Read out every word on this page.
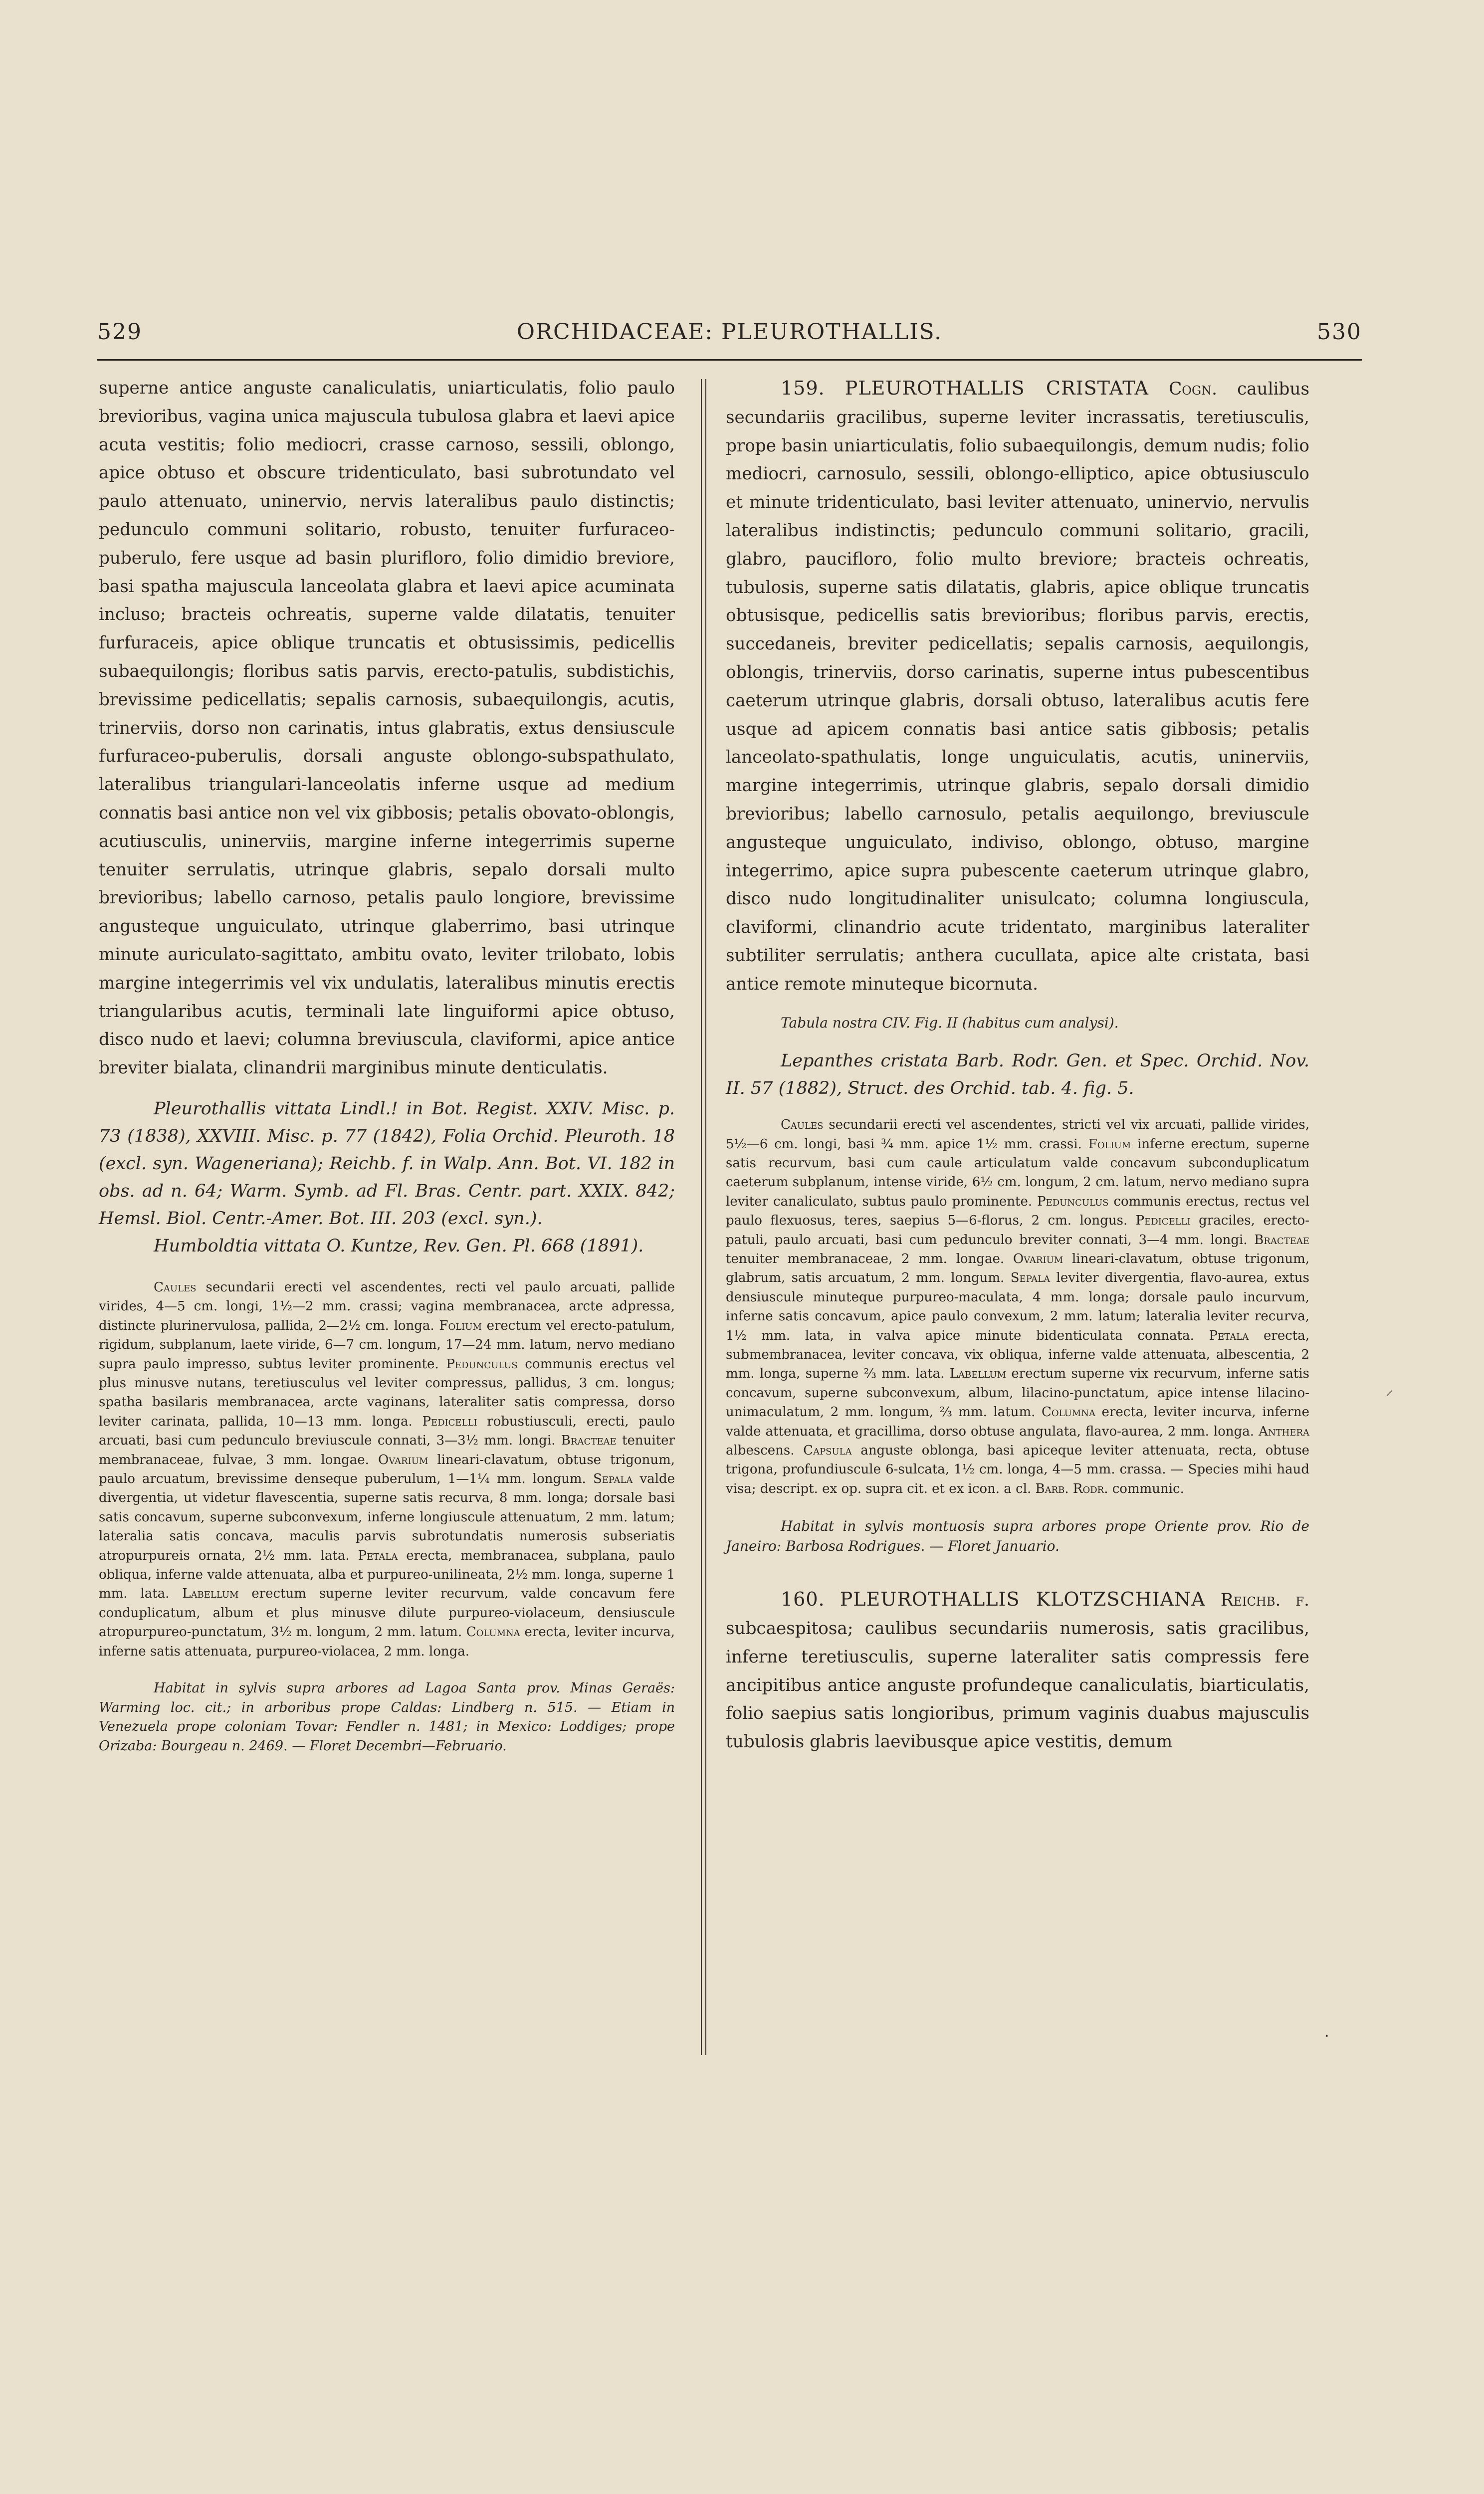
529	ORCHIDACEAE: PLEUROTHALLIS.	530

superne antice anguste canaliculatis, uniarticulatis, folio paulo brevioribus, vagina unica majuscula tubulosa glabra et laevi apice acuta vestitis; folio mediocri, crasse carnoso, sessili, oblongo, apice obtuso et obscure tridenticulato, basi subrotundato vel paulo attenuato, uninervio, nervis lateralibus paulo distinctis; pedunculo communi solitario, robusto, tenuiter furfuraceo-puberulo, fere usque ad basin plurifloro, folio dimidio breviore, basi spatha majuscula lanceolata glabra et laevi apice acuminata incluso; bracteis ochreatis, superne valde dilatatis, tenuiter furfuraceis, apice oblique truncatis et obtusissimis, pedicellis subaequilongis; floribus satis parvis, erecto-patulis, subdistichis, brevissime pedicellatis; sepalis carnosis, subaequilongis, acutis, trinerviis, dorso non carinatis, intus glabratis, extus densiuscule furfuraceo-puberulis, dorsali anguste oblongo-subspathulato, lateralibus triangulari-lanceolatis inferne usque ad medium connatis basi antice non vel vix gibbosis; petalis obovato-oblongis, acutiusculis, uninerviis, margine inferne integerrimis superne tenuiter serrulatis, utrinque glabris, sepalo dorsali multo brevioribus; labello carnoso, petalis paulo longiore, brevissime angusteque unguiculato, utrinque glaberrimo, basi utrinque minute auriculato-sagittato, ambitu ovato, leviter trilobato, lobis margine integerrimis vel vix undulatis, lateralibus minutis erectis triangularibus acutis, terminali late linguiformi apice obtuso, disco nudo et laevi; columna breviuscula, claviformi, apice antice breviter bialata, clinandrii marginibus minute denticulatis.

Pleurothallis vittata Lindl.! in Bot. Regist. XXIV. Misc. p. 73 (1838), XXVIII. Misc. p. 77 (1842), Folia Orchid. Pleuroth. 18 (excl. syn. Wageneriana); Reichb. f. in Walp. Ann. Bot. VI. 182 in obs. ad n. 64; Warm. Symb. ad Fl. Bras. Centr. part. XXIX. 842; Hemsl. Biol. Centr.-Amer. Bot. III. 203 (excl. syn.).

Humboldtia vittata O. Kuntze, Rev. Gen. Pl. 668 (1891).

Caules secundarii erecti vel ascendentes, recti vel paulo arcuati, pallide virides, 4—5 cm. longi, 1½—2 mm. crassi; vagina membranacea, arcte adpressa, distincte plurinervulosa, pallida, 2—2½ cm. longa. Folium erectum vel erecto-patulum, rigidum, subplanum, laete viride, 6—7 cm. longum, 17—24 mm. latum, nervo mediano supra paulo impresso, subtus leviter prominente. Pedunculus communis erectus vel plus minusve nutans, teretiusculus vel leviter compressus, pallidus, 3 cm. longus; spatha basilaris membranacea, arcte vaginans, lateraliter satis compressa, dorso leviter carinata, pallida, 10—13 mm. longa. Pedicelli robustiusculi, erecti, paulo arcuati, basi cum pedunculo breviuscule connati, 3—3½ mm. longi. Bracteae tenuiter membranaceae, fulvae, 3 mm. longae. Ovarium lineari-clavatum, obtuse trigonum, paulo arcuatum, brevissime denseque puberulum, 1—1¼ mm. longum. Sepala valde divergentia, ut videtur flavescentia, superne satis recurva, 8 mm. longa; dorsale basi satis concavum, superne subconvexum, inferne longiuscule attenuatum, 2 mm. latum; lateralia satis concava, maculis parvis subrotundatis numerosis subseriatis atropurpureis ornata, 2½ mm. lata. Petala erecta, membranacea, subplana, paulo obliqua, inferne valde attenuata, alba et purpureo-unilineata, 2½ mm. longa, superne 1 mm. lata. Labellum erectum superne leviter recurvum, valde concavum fere conduplicatum, album et plus minusve dilute purpureo-violaceum, densiuscule atropurpureo-punctatum, 3½ m. longum, 2 mm. latum. Columna erecta, leviter incurva, inferne satis attenuata, purpureo-violacea, 2 mm. longa.

Habitat in sylvis supra arbores ad Lagoa Santa prov. Minas Geraës: Warming loc. cit.; in arboribus prope Caldas: Lindberg n. 515. — Etiam in Venezuela prope coloniam Tovar: Fendler n. 1481; in Mexico: Loddiges; prope Orizaba: Bourgeau n. 2469. — Floret Decembri—Februario.

159. PLEUROTHALLIS CRISTATA Cogn. caulibus secundariis gracilibus, superne leviter incrassatis, teretiusculis, prope basin uniarticulatis, folio subaequilongis, demum nudis; folio mediocri, carnosulo, sessili, oblongo-elliptico, apice obtusiusculo et minute tridenticulato, basi leviter attenuato, uninervio, nervulis lateralibus indistinctis; pedunculo communi solitario, gracili, glabro, paucifloro, folio multo breviore; bracteis ochreatis, tubulosis, superne satis dilatatis, glabris, apice oblique truncatis obtusisque, pedicellis satis brevioribus; floribus parvis, erectis, succedaneis, breviter pedicellatis; sepalis carnosis, aequilongis, oblongis, trinerviis, dorso carinatis, superne intus pubescentibus caeterum utrinque glabris, dorsali obtuso, lateralibus acutis fere usque ad apicem connatis basi antice satis gibbosis; petalis lanceolato-spathulatis, longe unguiculatis, acutis, uninerviis, margine integerrimis, utrinque glabris, sepalo dorsali dimidio brevioribus; labello carnosulo, petalis aequilongo, breviuscule angusteque unguiculato, indiviso, oblongo, obtuso, margine integerrimo, apice supra pubescente caeterum utrinque glabro, disco nudo longitudinaliter unisulcato; columna longiuscula, claviformi, clinandrio acute tridentato, marginibus lateraliter subtiliter serrulatis; anthera cucullata, apice alte cristata, basi antice remote minuteque bicornuta.

Tabula nostra CIV. Fig. II (habitus cum analysi).

Lepanthes cristata Barb. Rodr. Gen. et Spec. Orchid. Nov. II. 57 (1882), Struct. des Orchid. tab. 4. fig. 5.

Caules secundarii erecti vel ascendentes, stricti vel vix arcuati, pallide virides, 5½—6 cm. longi, basi ¾ mm. apice 1½ mm. crassi. Folium inferne erectum, superne satis recurvum, basi cum caule articulatum valde concavum subconduplicatum caeterum subplanum, intense viride, 6½ cm. longum, 2 cm. latum, nervo mediano supra leviter canaliculato, subtus paulo prominente. Pedunculus communis erectus, rectus vel paulo flexuosus, teres, saepius 5—6-florus, 2 cm. longus. Pedicelli graciles, erecto-patuli, paulo arcuati, basi cum pedunculo breviter connati, 3—4 mm. longi. Bracteae tenuiter membranaceae, 2 mm. longae. Ovarium lineari-clavatum, obtuse trigonum, glabrum, satis arcuatum, 2 mm. longum. Sepala leviter divergentia, flavo-aurea, extus densiuscule minuteque purpureo-maculata, 4 mm. longa; dorsale paulo incurvum, inferne satis concavum, apice paulo convexum, 2 mm. latum; lateralia leviter recurva, 1½ mm. lata, in valva apice minute bidenticulata connata. Petala erecta, submembranacea, leviter concava, vix obliqua, inferne valde attenuata, albescentia, 2 mm. longa, superne ⅔ mm. lata. Labellum erectum superne vix recurvum, inferne satis concavum, superne subconvexum, album, lilacino-punctatum, apice intense lilacino-unimaculatum, 2 mm. longum, ⅔ mm. latum. Columna erecta, leviter incurva, inferne valde attenuata, et gracillima, dorso obtuse angulata, flavo-aurea, 2 mm. longa. Anthera albescens. Capsula anguste oblonga, basi apiceque leviter attenuata, recta, obtuse trigona, profundiuscule 6-sulcata, 1½ cm. longa, 4—5 mm. crassa. — Species mihi haud visa; descript. ex op. supra cit. et ex icon. a cl. Barb. Rodr. communic.

Habitat in sylvis montuosis supra arbores prope Oriente prov. Rio de Janeiro: Barbosa Rodrigues. — Floret Januario.

160. PLEUROTHALLIS KLOTZSCHIANA Reichb. f. subcaespitosa; caulibus secundariis numerosis, satis gracilibus, inferne teretiusculis, superne lateraliter satis compressis fere ancipitibus antice anguste profundeque canaliculatis, biarticulatis, folio saepius satis longioribus, primum vaginis duabus majusculis tubulosis glabris laevibusque apice vestitis, demum

·
⸝
